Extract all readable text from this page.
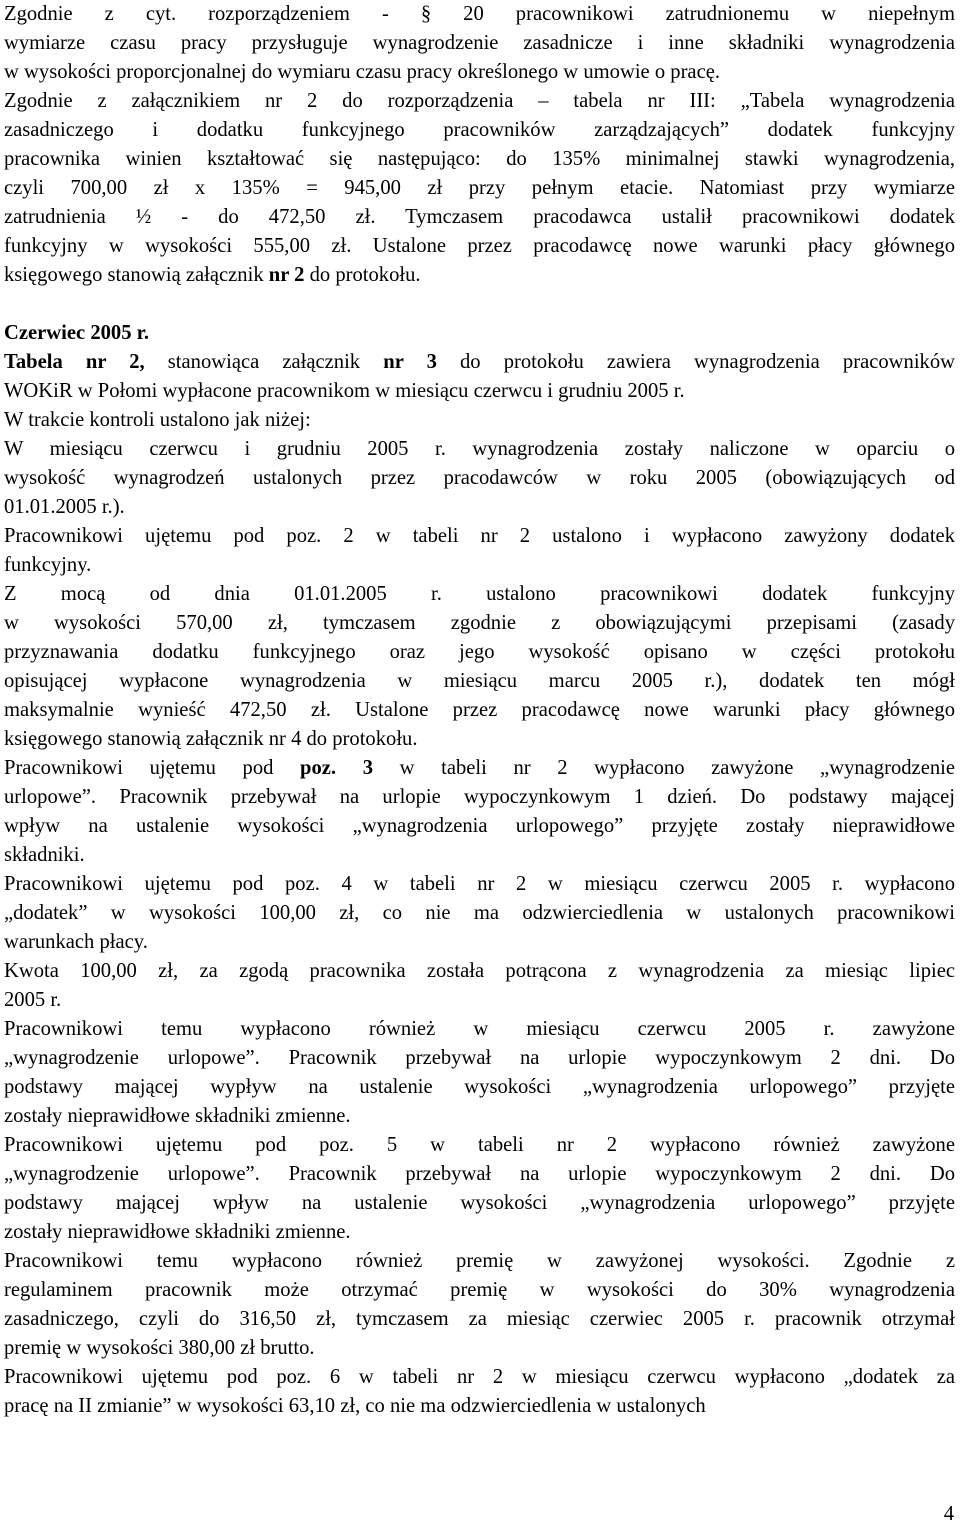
Zgodnie z cyt. rozporządzeniem - § 20 pracownikowi zatrudnionemu w niepełnym
wymiarze czasu pracy przysługuje wynagrodzenie zasadnicze i inne składniki wynagrodzenia
w wysokości proporcjonalnej do wymiaru czasu pracy określonego w umowie o pracę.
Zgodnie z załącznikiem nr 2 do rozporządzenia – tabela nr III: „Tabela wynagrodzenia
zasadniczego i dodatku funkcyjnego pracowników zarządzających” dodatek funkcyjny
pracownika winien kształtować się następująco: do 135% minimalnej stawki wynagrodzenia,
czyli 700,00 zł x 135% = 945,00 zł przy pełnym etacie. Natomiast przy wymiarze
zatrudnienia ½ - do 472,50 zł. Tymczasem pracodawca ustalił pracownikowi dodatek
funkcyjny w wysokości 555,00 zł. Ustalone przez pracodawcę nowe warunki płacy głównego
księgowego stanowią załącznik nr 2 do protokołu.
Czerwiec 2005 r.
Tabela nr 2, stanowiąca załącznik nr 3 do protokołu zawiera wynagrodzenia pracowników
WOKiR w Połomi wypłacone pracownikom w miesiącu czerwcu i grudniu 2005 r.
W trakcie kontroli ustalono jak niżej:
W miesiącu czerwcu i grudniu 2005 r. wynagrodzenia zostały naliczone w oparciu o
wysokość wynagrodzeń ustalonych przez pracodawców w roku 2005 (obowiązujących od
01.01.2005 r.).
Pracownikowi ujętemu pod poz. 2 w tabeli nr 2 ustalono i wypłacono zawyżony dodatek
funkcyjny.
Z mocą od dnia 01.01.2005 r. ustalono pracownikowi dodatek funkcyjny
w wysokości 570,00 zł, tymczasem zgodnie z obowiązującymi przepisami (zasady
przyznawania dodatku funkcyjnego oraz jego wysokość opisano w części protokołu
opisującej wypłacone wynagrodzenia w miesiącu marcu 2005 r.), dodatek ten mógł
maksymalnie wynieść 472,50 zł. Ustalone przez pracodawcę nowe warunki płacy głównego
księgowego stanowią załącznik nr 4 do protokołu.
Pracownikowi ujętemu pod poz. 3 w tabeli nr 2 wypłacono zawyżone „wynagrodzenie
urlopowe”. Pracownik przebywał na urlopie wypoczynkowym 1 dzień. Do podstawy mającej
wpływ na ustalenie wysokości „wynagrodzenia urlopowego” przyjęte zostały nieprawidłowe
składniki.
Pracownikowi ujętemu pod poz. 4 w tabeli nr 2 w miesiącu czerwcu 2005 r. wypłacono
„dodatek” w wysokości 100,00 zł, co nie ma odzwierciedlenia w ustalonych pracownikowi
warunkach płacy.
Kwota 100,00 zł, za zgodą pracownika została potrącona z wynagrodzenia za miesiąc lipiec
2005 r.
Pracownikowi temu wypłacono również w miesiącu czerwcu 2005 r. zawyżone
„wynagrodzenie urlopowe”. Pracownik przebywał na urlopie wypoczynkowym 2 dni. Do
podstawy mającej wypływ na ustalenie wysokości „wynagrodzenia urlopowego” przyjęte
zostały nieprawidłowe składniki zmienne.
Pracownikowi ujętemu pod poz. 5 w tabeli nr 2 wypłacono również zawyżone
„wynagrodzenie urlopowe”. Pracownik przebywał na urlopie wypoczynkowym 2 dni. Do
podstawy mającej wpływ na ustalenie wysokości „wynagrodzenia urlopowego” przyjęte
zostały nieprawidłowe składniki zmienne.
Pracownikowi temu wypłacono również premię w zawyżonej wysokości. Zgodnie z
regulaminem pracownik może otrzymać premię w wysokości do 30% wynagrodzenia
zasadniczego, czyli do 316,50 zł, tymczasem za miesiąc czerwiec 2005 r. pracownik otrzymał
premię w wysokości 380,00 zł brutto.
Pracownikowi ujętemu pod poz. 6 w tabeli nr 2 w miesiącu czerwcu wypłacono „dodatek za
pracę na II zmianie” w wysokości 63,10 zł, co nie ma odzwierciedlenia w ustalonych
4
